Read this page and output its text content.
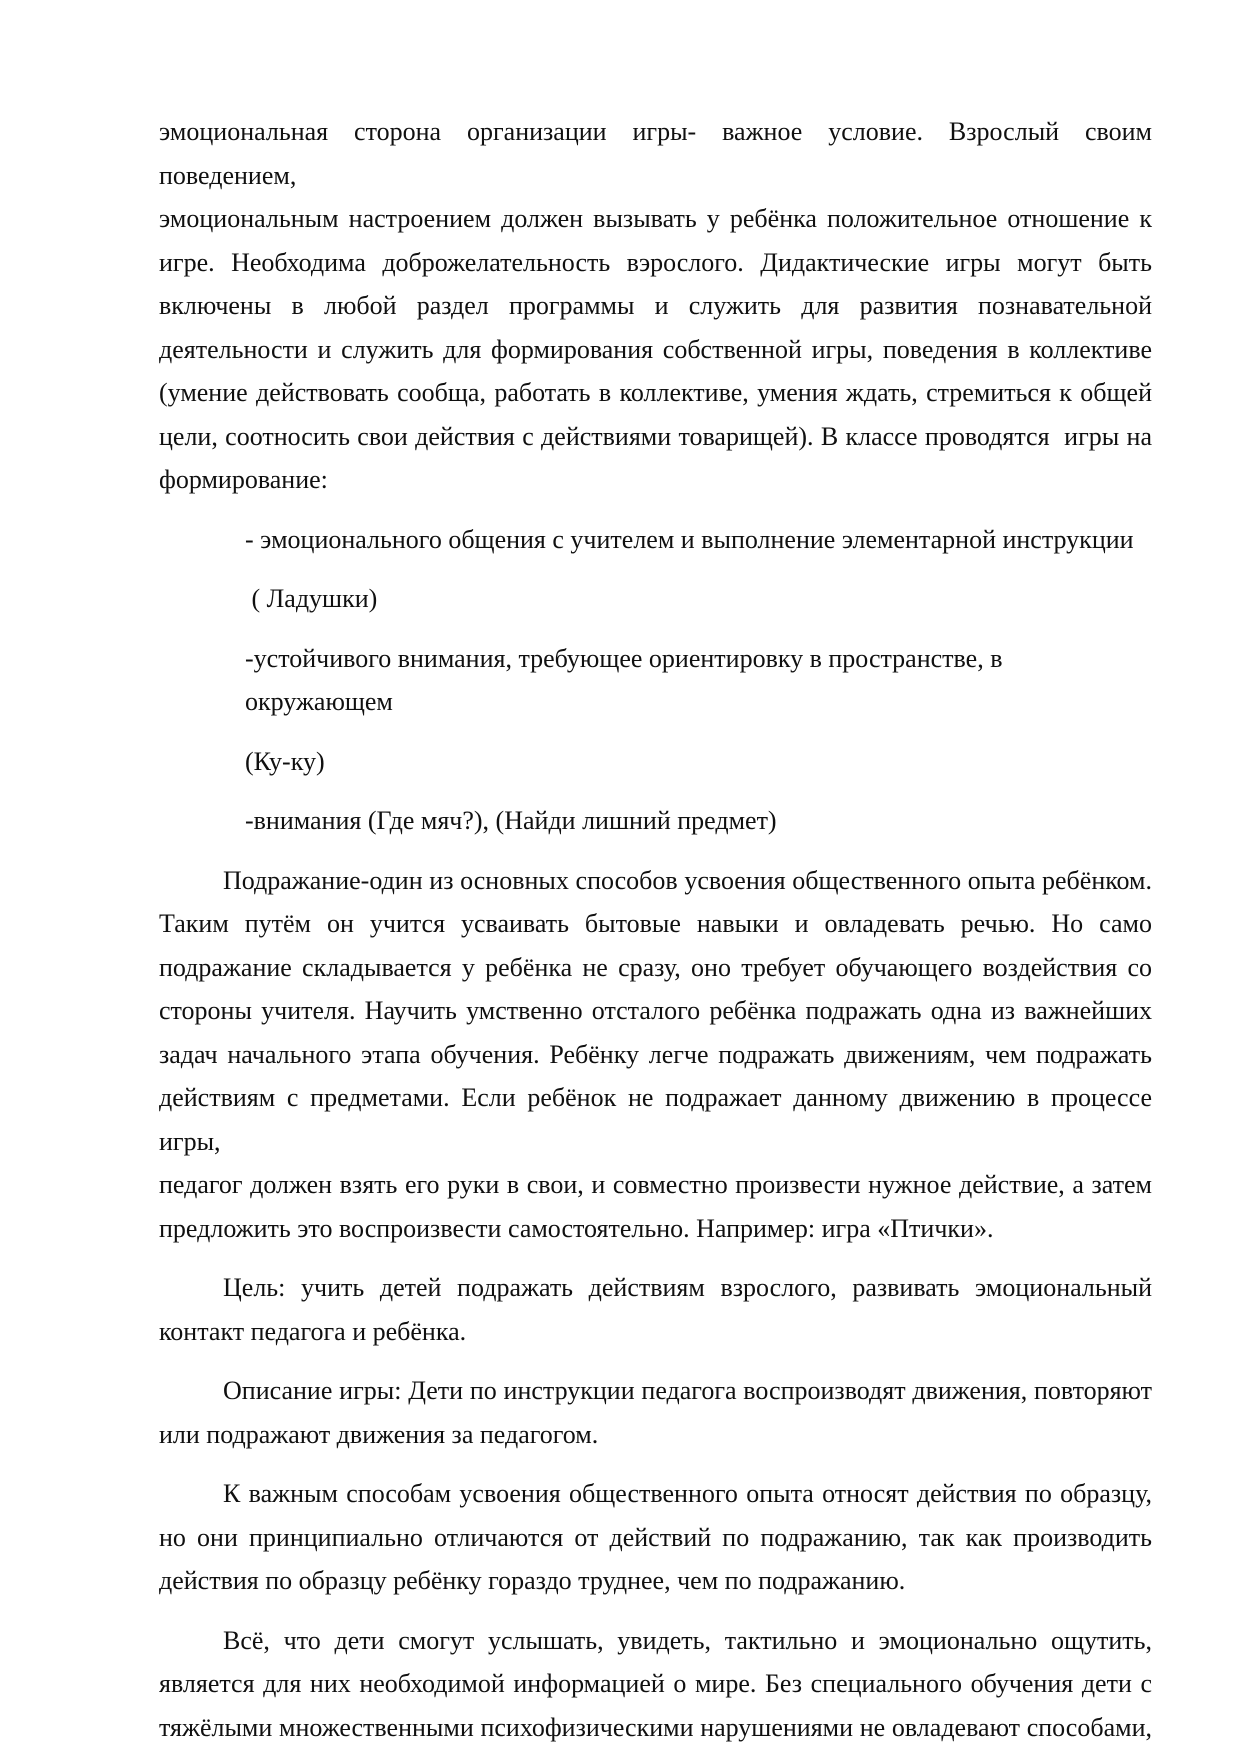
эмоциональная сторона организации игры- важное условие. Взрослый своим поведением,
эмоциональным настроением должен вызывать у ребёнка положительное отношение к
игре. Необходима доброжелательность вэрослого. Дидактические игры могут быть
включены в любой раздел программы и служить для развития познавательной
деятельности и служить для формирования собственной игры, поведения в коллективе
(умение действовать сообща, работать в коллективе, умения ждать, стремиться к общей
цели, соотносить свои действия с действиями товарищей). В классе проводятся  игры на
формирование:
- эмоционального общения с учителем и выполнение элементарной инструкции
( Ладушки)
-устойчивого внимания, требующее ориентировку в пространстве, в окружающем
(Ку-ку)
-внимания (Где мяч?), (Найди лишний предмет)
Подражание-один из основных способов усвоения общественного опыта ребёнком.
Таким путём он учится усваивать бытовые навыки и овладевать речью. Но само
подражание складывается у ребёнка не сразу, оно требует обучающего воздействия со
стороны учителя. Научить умственно отсталого ребёнка подражать одна из важнейших
задач начального этапа обучения. Ребёнку легче подражать движениям, чем подражать
действиям с предметами. Если ребёнок не подражает данному движению в процессе игры,
педагог должен взять его руки в свои, и совместно произвести нужное действие, а затем
предложить это воспроизвести самостоятельно. Например: игра «Птички».
Цель: учить детей подражать действиям взрослого, развивать эмоциональный
контакт педагога и ребёнка.
Описание игры: Дети по инструкции педагога воспроизводят движения, повторяют
или подражают движения за педагогом.
К важным способам усвоения общественного опыта относят действия по образцу,
но они принципиально отличаются от действий по подражанию, так как производить
действия по образцу ребёнку гораздо труднее, чем по подражанию.
Всё, что дети смогут услышать, увидеть, тактильно и эмоционально ощутить,
является для них необходимой информацией о мире. Без специального обучения дети с
тяжёлыми множественными психофизическими нарушениями не овладевают способами,
